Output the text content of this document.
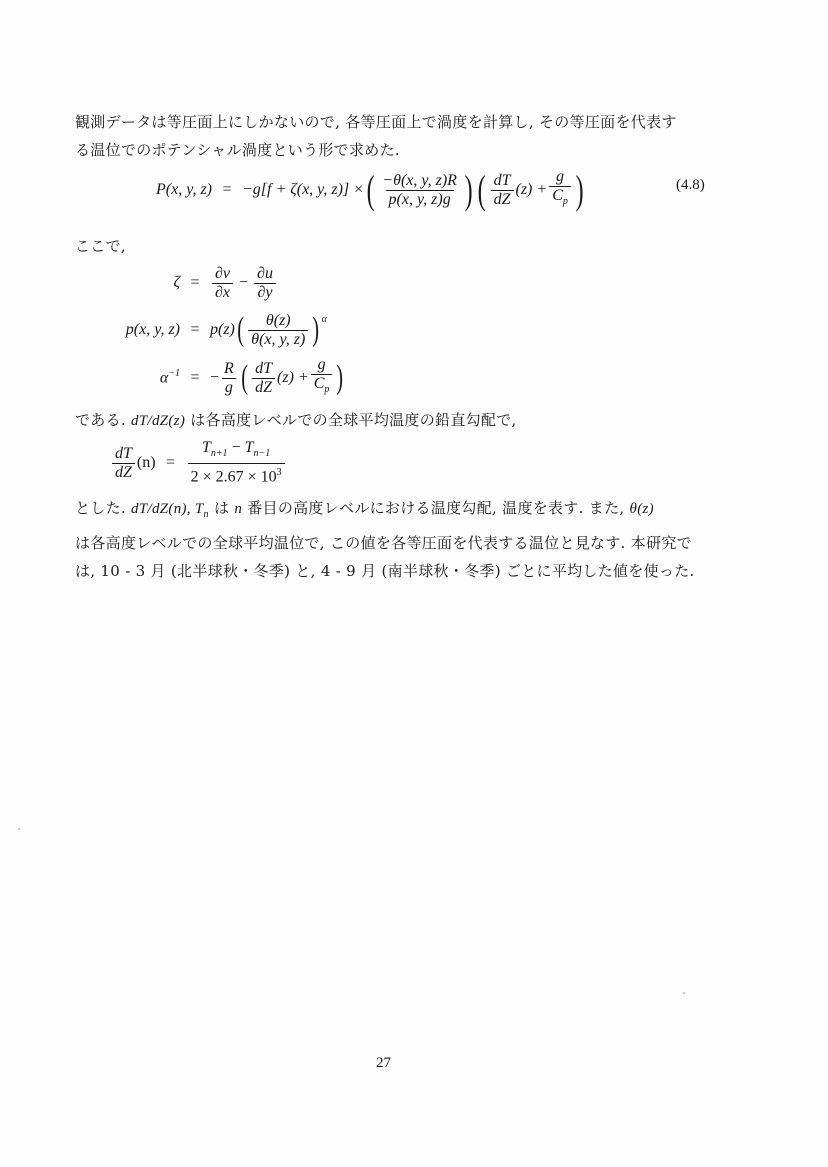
観測データは等圧面上にしかないので, 各等圧面上で渦度を計算し, その等圧面を代表す
る温位でのポテンシャル渦度という形で求めた.
P(x, y, z) = −g[f + ζ(x, y, z)] × ( $\frac{-\theta(x, y, z)R}{p(x, y, z)g}$ ) ( $\frac{dT}{dZ} (z) + \frac{g}{C_p}$ )	(4.8)
ここで,
$\zeta = \frac{\partial v}{\partial x} - \frac{\partial u}{\partial y}$
p(x, y, z) = p(z) ( $\frac{\theta(z)}{\theta(x, y, z)}$ ) α
$\alpha^{-1}$ = − $\frac{R}{g}$ ( $\frac{dT}{dZ} (z) + \frac{g}{C_p}$ )
である. dT/dZ(z) は各高度レベルでの全球平均温度の鉛直勾配で,
$\frac{dT}{dZ} (n) = \frac{T_{n+1} - T_{n-1}}{2 \times 2.67 \times 10^3}$
とした. dT/dZ(n), $T_n$ は n 番目の高度レベルにおける温度勾配, 温度を表す. また, θ(z)
は各高度レベルでの全球平均温位で, この値を各等圧面を代表する温位と見なす. 本研究で
は, 10 - 3 月 (北半球秋・冬季) と, 4 - 9 月 (南半球秋・冬季) ごとに平均した値を使った.
27
